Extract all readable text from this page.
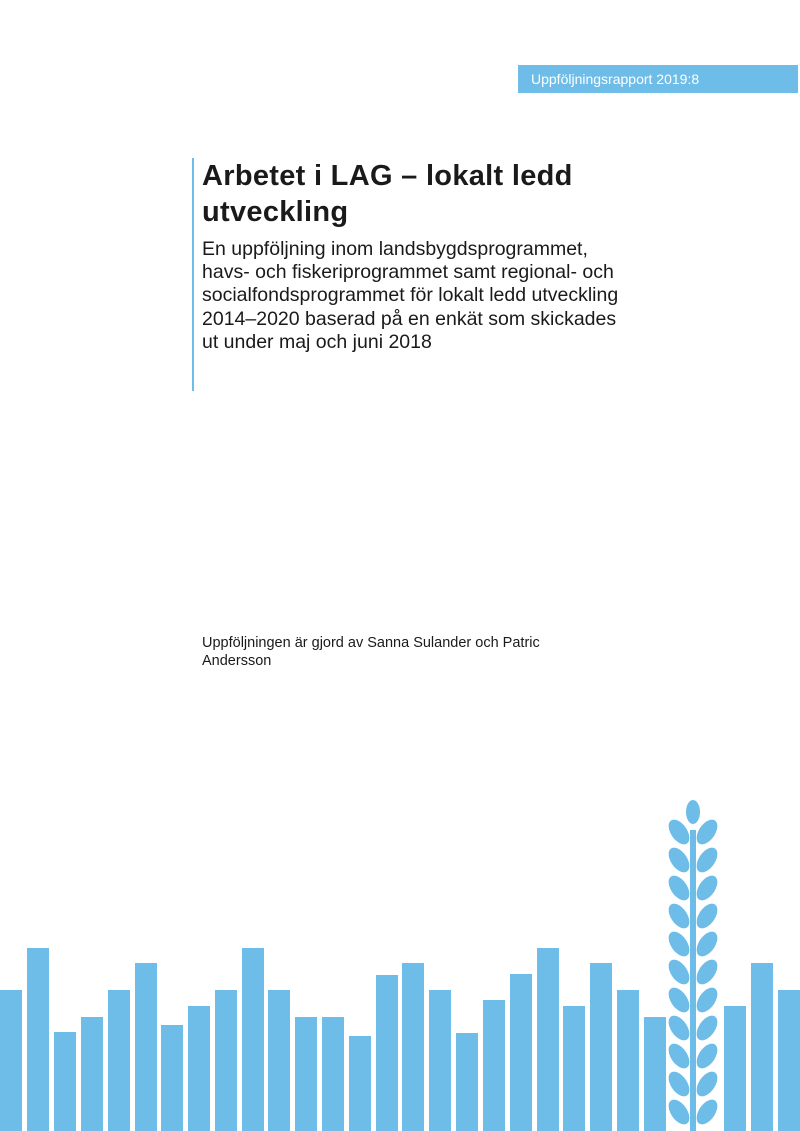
Uppföljningsrapport 2019:8
Arbetet i LAG – lokalt ledd utveckling

En uppföljning inom landsbygdsprogrammet, havs- och fiskeriprogrammet samt regional- och socialfondsprogrammet för lokalt ledd utveckling 2014–2020 baserad på en enkät som skickades ut under maj och juni 2018

Uppföljningen är gjord av Sanna Sulander och Patric Andersson
